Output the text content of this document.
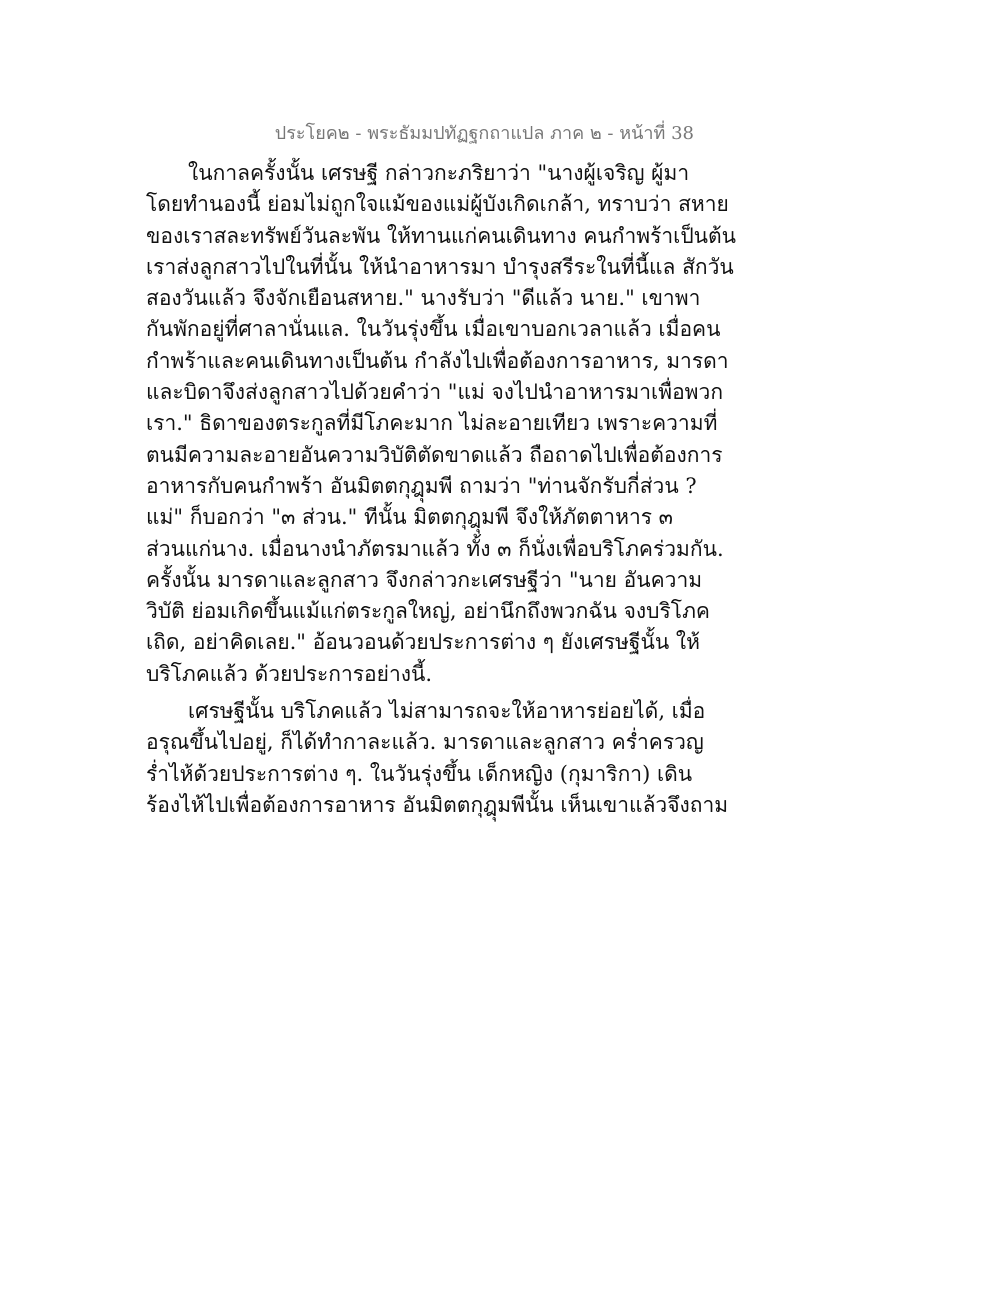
ประโยค๒ - พระธัมมปทัฏฐกถาแปล ภาค ๒ - หน้าที่ 38

ในกาลครั้งนั้น เศรษฐี กล่าวกะภริยาว่า "นางผู้เจริญ ผู้มา
โดยทำนองนี้ ย่อมไม่ถูกใจแม้ของแม่ผู้บังเกิดเกล้า, ทราบว่า สหาย
ของเราสละทรัพย์วันละพัน ให้ทานแก่คนเดินทาง คนกำพร้าเป็นต้น
เราส่งลูกสาวไปในที่นั้น ให้นำอาหารมา บำรุงสรีระในที่นี้แล สักวัน
สองวันแล้ว จึงจักเยือนสหาย." นางรับว่า "ดีแล้ว นาย." เขาพา
กันพักอยู่ที่ศาลานั่นแล. ในวันรุ่งขึ้น เมื่อเขาบอกเวลาแล้ว เมื่อคน
กำพร้าและคนเดินทางเป็นต้น กำลังไปเพื่อต้องการอาหาร, มารดา
และบิดาจึงส่งลูกสาวไปด้วยคำว่า "แม่ จงไปนำอาหารมาเพื่อพวก
เรา." ธิดาของตระกูลที่มีโภคะมาก ไม่ละอายเทียว เพราะความที่
ตนมีความละอายอันความวิบัติตัดขาดแล้ว ถือถาดไปเพื่อต้องการ
อาหารกับคนกำพร้า อันมิตตกุฎุมพี ถามว่า "ท่านจักรับกี่ส่วน ?
แม่" ก็บอกว่า "๓ ส่วน." ทีนั้น มิตตกุฎุมพี จึงให้ภัตตาหาร ๓
ส่วนแก่นาง. เมื่อนางนำภัตรมาแล้ว ทั้ง ๓ ก็นั่งเพื่อบริโภคร่วมกัน.
ครั้งนั้น มารดาและลูกสาว จึงกล่าวกะเศรษฐีว่า "นาย อันความ
วิบัติ ย่อมเกิดขึ้นแม้แก่ตระกูลใหญ่, อย่านึกถึงพวกฉัน จงบริโภค
เถิด, อย่าคิดเลย." อ้อนวอนด้วยประการต่าง ๆ ยังเศรษฐีนั้น ให้
บริโภคแล้ว ด้วยประการอย่างนี้.

เศรษฐีนั้น บริโภคแล้ว ไม่สามารถจะให้อาหารย่อยได้, เมื่อ
อรุณขึ้นไปอยู่, ก็ได้ทำกาละแล้ว. มารดาและลูกสาว คร่ำครวญ
ร่ำไห้ด้วยประการต่าง ๆ. ในวันรุ่งขึ้น เด็กหญิง (กุมาริกา) เดิน
ร้องไห้ไปเพื่อต้องการอาหาร อันมิตตกุฎุมพีนั้น เห็นเขาแล้วจึงถาม
